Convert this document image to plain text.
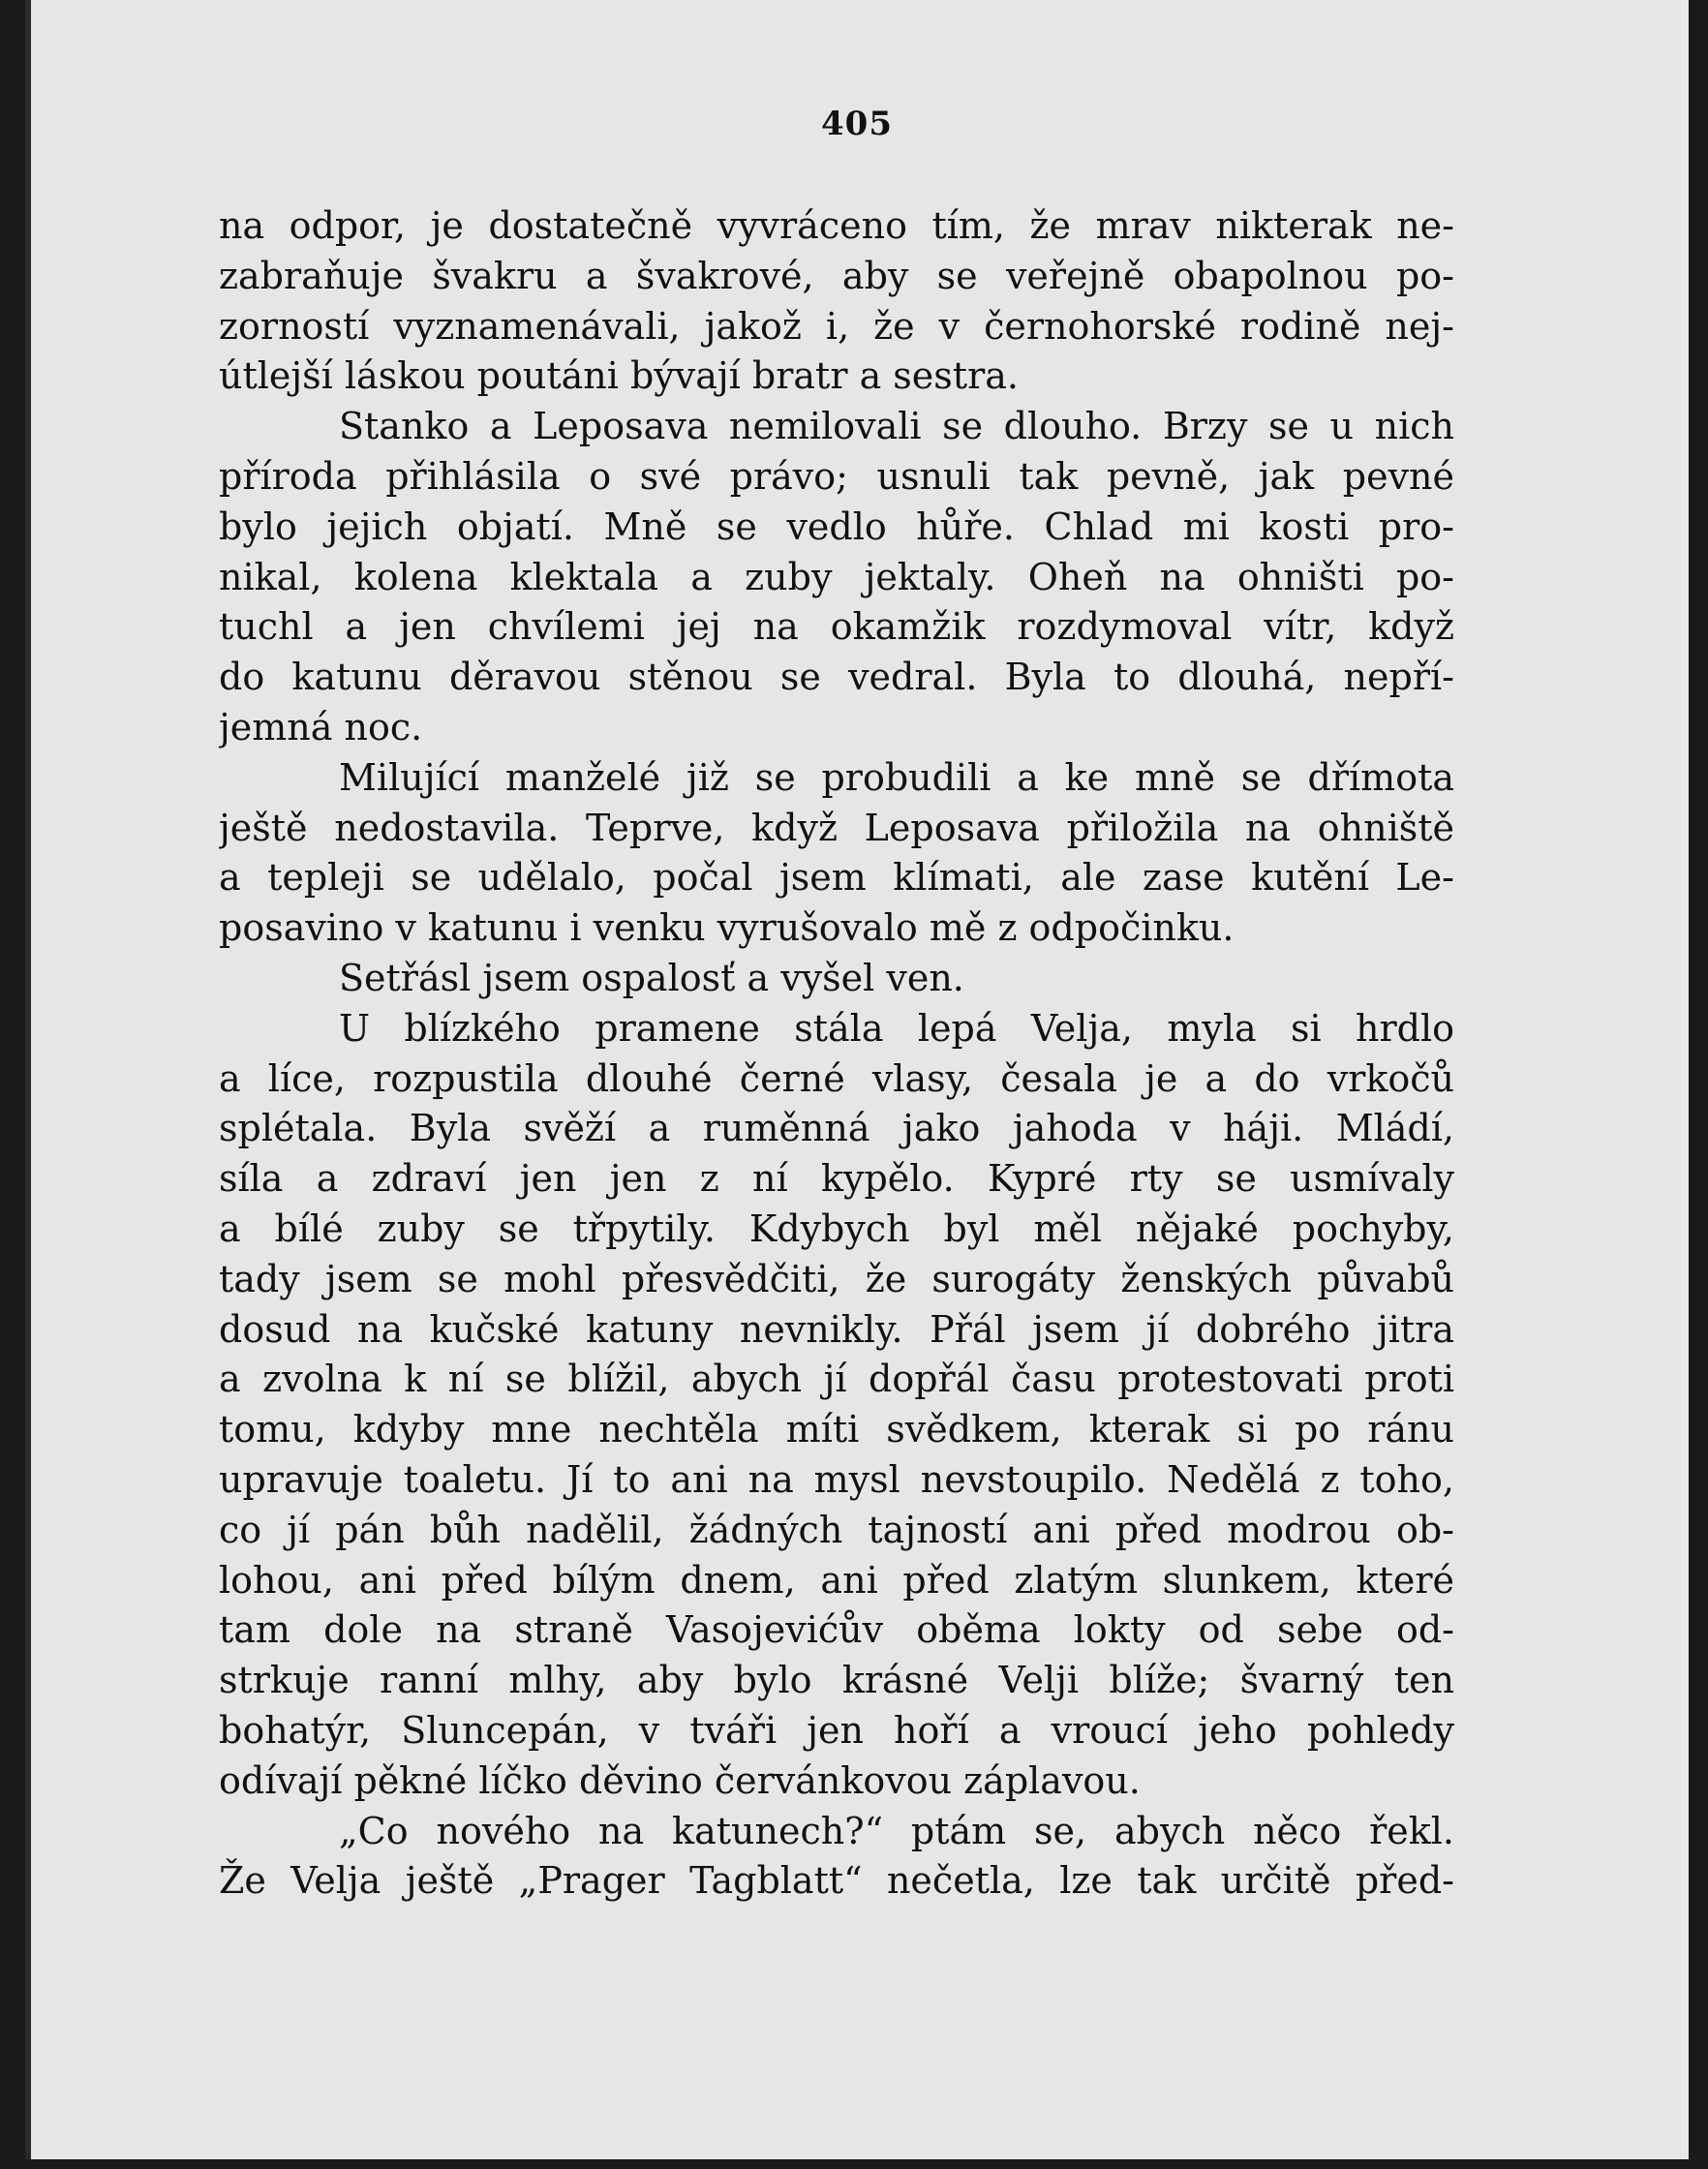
405
na odpor, je dostatečně vyvráceno tím, že mrav nikterak ne-
zabraňuje švakru a švakrové, aby se veřejně obapolnou po-
zorností vyznamenávali, jakož i, že v černohorské rodině nej-
útlejší láskou poutáni bývají bratr a sestra.
Stanko a Leposava nemilovali se dlouho. Brzy se u nich
příroda přihlásila o své právo; usnuli tak pevně, jak pevné
bylo jejich objatí. Mně se vedlo hůře. Chlad mi kosti pro-
nikal, kolena klektala a zuby jektaly. Oheň na ohništi po-
tuchl a jen chvílemi jej na okamžik rozdymoval vítr, když
do katunu děravou stěnou se vedral. Byla to dlouhá, nepří-
jemná noc.
Milující manželé již se probudili a ke mně se dřímota
ještě nedostavila. Teprve, když Leposava přiložila na ohniště
a tepleji se udělalo, počal jsem klímati, ale zase kutění Le-
posavino v katunu i venku vyrušovalo mě z odpočinku.
Setřásl jsem ospalosť a vyšel ven.
U blízkého pramene stála lepá Velja, myla si hrdlo
a líce, rozpustila dlouhé černé vlasy, česala je a do vrkočů
splétala. Byla svěží a ruměnná jako jahoda v háji. Mládí,
síla a zdraví jen jen z ní kypělo. Kypré rty se usmívaly
a bílé zuby se třpytily. Kdybych byl měl nějaké pochyby,
tady jsem se mohl přesvědčiti, že surogáty ženských půvabů
dosud na kučské katuny nevnikly. Přál jsem jí dobrého jitra
a zvolna k ní se blížil, abych jí dopřál času protestovati proti
tomu, kdyby mne nechtěla míti svědkem, kterak si po ránu
upravuje toaletu. Jí to ani na mysl nevstoupilo. Nedělá z toho,
co jí pán bůh nadělil, žádných tajností ani před modrou ob-
lohou, ani před bílým dnem, ani před zlatým slunkem, které
tam dole na straně Vasojevićův oběma lokty od sebe od-
strkuje ranní mlhy, aby bylo krásné Velji blíže; švarný ten
bohatýr, Sluncepán, v tváři jen hoří a vroucí jeho pohledy
odívají pěkné líčko děvino červánkovou záplavou.
„Co nového na katunech?“ ptám se, abych něco řekl.
Že Velja ještě „Prager Tagblatt“ nečetla, lze tak určitě před-
